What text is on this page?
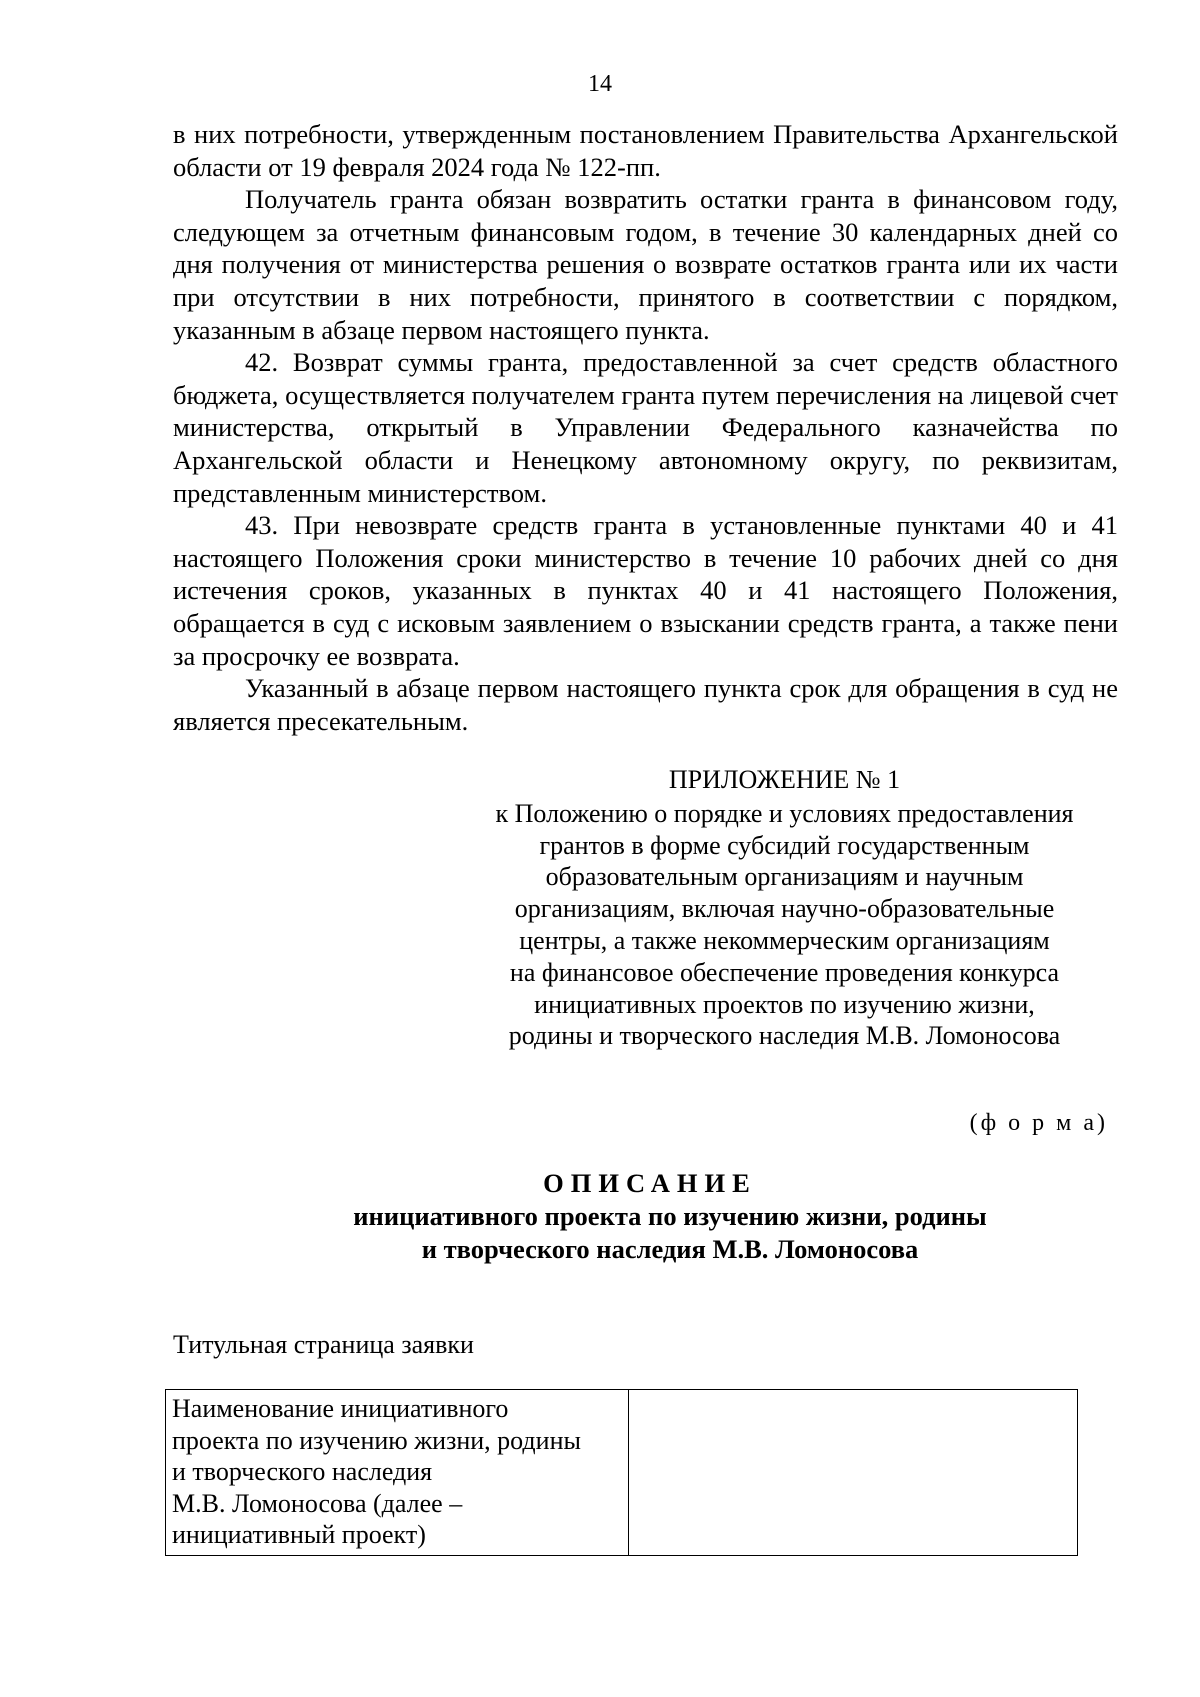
14

в них потребности, утвержденным постановлением Правительства Архангельской области от 19 февраля 2024 года № 122-пп.

Получатель гранта обязан возвратить остатки гранта в финансовом году, следующем за отчетным финансовым годом, в течение 30 календарных дней со дня получения от министерства решения о возврате остатков гранта или их части при отсутствии в них потребности, принятого в соответствии с порядком, указанным в абзаце первом настоящего пункта.

42. Возврат суммы гранта, предоставленной за счет средств областного бюджета, осуществляется получателем гранта путем перечисления на лицевой счет министерства, открытый в Управлении Федерального казначейства по Архангельской области и Ненецкому автономному округу, по реквизитам, представленным министерством.

43. При невозврате средств гранта в установленные пунктами 40 и 41 настоящего Положения сроки министерство в течение 10 рабочих дней со дня истечения сроков, указанных в пунктах 40 и 41 настоящего Положения, обращается в суд с исковым заявлением о взыскании средств гранта, а также пени за просрочку ее возврата.

Указанный в абзаце первом настоящего пункта срок для обращения в суд не является пресекательным.

ПРИЛОЖЕНИЕ № 1
к Положению о порядке и условиях предоставления
грантов в форме субсидий государственным
образовательным организациям и научным
организациям, включая научно-образовательные
центры, а также некоммерческим организациям
на финансовое обеспечение проведения конкурса
инициативных проектов по изучению жизни,
родины и творческого наследия М.В. Ломоносова
(ф о р м а)
ОПИСАНИЕ
инициативного проекта по изучению жизни, родины
и творческого наследия М.В. Ломоносова
Титульная страница заявки
Наименование инициативного
проекта по изучению жизни, родины
и творческого наследия
М.В. Ломоносова (далее –
инициативный проект)
